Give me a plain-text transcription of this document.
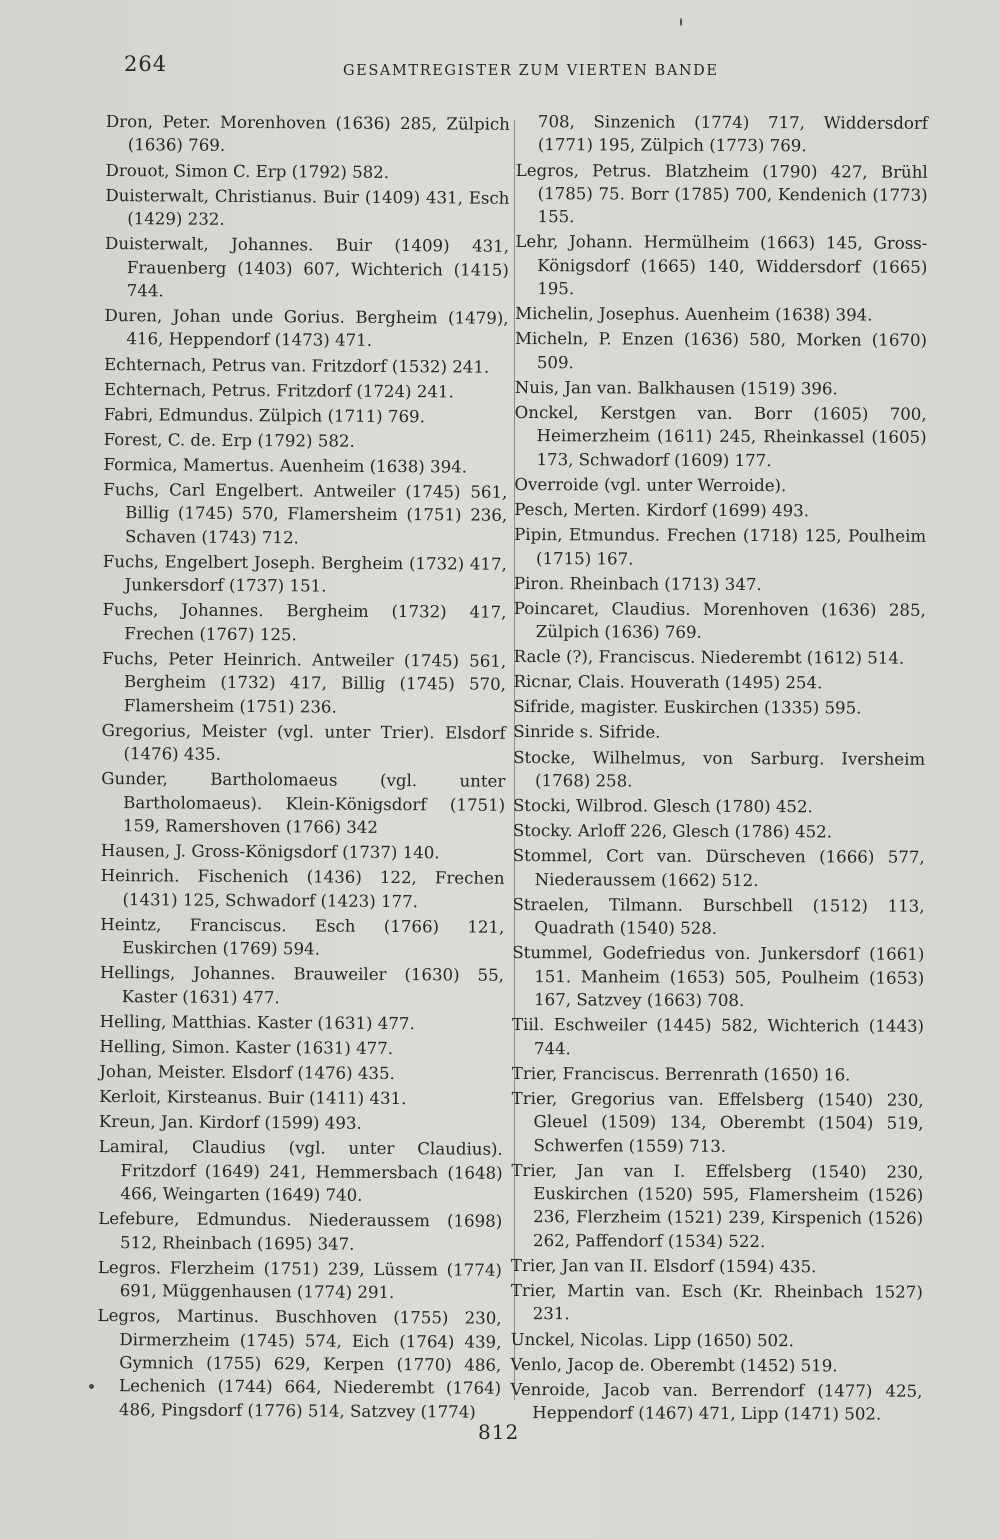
264	GESAMTREGISTER ZUM VIERTEN BANDE

Dron, Peter. Morenhoven (1636) 285, Zülpich (1636) 769.

Drouot, Simon C. Erp (1792) 582.

Duisterwalt, Christianus. Buir (1409) 431, Esch (1429) 232.

Duisterwalt, Johannes. Buir (1409) 431, Frauenberg (1403) 607, Wichterich (1415) 744.

Duren, Johan unde Gorius. Bergheim (1479), 416, Heppendorf (1473) 471.

Echternach, Petrus van. Fritzdorf (1532) 241.

Echternach, Petrus. Fritzdorf (1724) 241.

Fabri, Edmundus. Zülpich (1711) 769.

Forest, C. de. Erp (1792) 582.

Formica, Mamertus. Auenheim (1638) 394.

Fuchs, Carl Engelbert. Antweiler (1745) 561, Billig (1745) 570, Flamersheim (1751) 236, Schaven (1743) 712.

Fuchs, Engelbert Joseph. Bergheim (1732) 417, Junkersdorf (1737) 151.

Fuchs, Johannes. Bergheim (1732) 417, Frechen (1767) 125.

Fuchs, Peter Heinrich. Antweiler (1745) 561, Bergheim (1732) 417, Billig (1745) 570, Flamersheim (1751) 236.

Gregorius, Meister (vgl. unter Trier). Elsdorf (1476) 435.

Gunder, Bartholomaeus (vgl. unter Bartholomaeus). Klein-Königsdorf (1751) 159, Ramershoven (1766) 342

Hausen, J. Gross-Königsdorf (1737) 140.

Heinrich. Fischenich (1436) 122, Frechen (1431) 125, Schwadorf (1423) 177.

Heintz, Franciscus. Esch (1766) 121, Euskirchen (1769) 594.

Hellings, Johannes. Brauweiler (1630) 55, Kaster (1631) 477.

Helling, Matthias. Kaster (1631) 477.

Helling, Simon. Kaster (1631) 477.

Johan, Meister. Elsdorf (1476) 435.

Kerloit, Kirsteanus. Buir (1411) 431.

Kreun, Jan. Kirdorf (1599) 493.

Lamiral, Claudius (vgl. unter Claudius). Fritzdorf (1649) 241, Hemmersbach (1648) 466, Weingarten (1649) 740.

Lefebure, Edmundus. Niederaussem (1698) 512, Rheinbach (1695) 347.

Legros. Flerzheim (1751) 239, Lüssem (1774) 691, Müggenhausen (1774) 291.

Legros, Martinus. Buschhoven (1755) 230, Dirmerzheim (1745) 574, Eich (1764) 439, Gymnich (1755) 629, Kerpen (1770) 486, Lechenich (1744) 664, Niederembt (1764) 486, Pingsdorf (1776) 514, Satzvey (1774)

708, Sinzenich (1774) 717, Widdersdorf (1771) 195, Zülpich (1773) 769.

Legros, Petrus. Blatzheim (1790) 427, Brühl (1785) 75. Borr (1785) 700, Kendenich (1773) 155.

Lehr, Johann. Hermülheim (1663) 145, Gross-Königsdorf (1665) 140, Widdersdorf (1665) 195.

Michelin, Josephus. Auenheim (1638) 394.

Micheln, P. Enzen (1636) 580, Morken (1670) 509.

Nuis, Jan van. Balkhausen (1519) 396.

Onckel, Kerstgen van. Borr (1605) 700, Heimerzheim (1611) 245, Rheinkassel (1605) 173, Schwadorf (1609) 177.

Overroide (vgl. unter Werroide).

Pesch, Merten. Kirdorf (1699) 493.

Pipin, Etmundus. Frechen (1718) 125, Poulheim (1715) 167.

Piron. Rheinbach (1713) 347.

Poincaret, Claudius. Morenhoven (1636) 285, Zülpich (1636) 769.

Racle (?), Franciscus. Niederembt (1612) 514.

Ricnar, Clais. Houverath (1495) 254.

Sifride, magister. Euskirchen (1335) 595.

Sinride s. Sifride.

Stocke, Wilhelmus, von Sarburg. Iversheim (1768) 258.

Stocki, Wilbrod. Glesch (1780) 452.

Stocky. Arloff 226, Glesch (1786) 452.

Stommel, Cort van. Dürscheven (1666) 577, Niederaussem (1662) 512.

Straelen, Tilmann. Burschbell (1512) 113, Quadrath (1540) 528.

Stummel, Godefriedus von. Junkersdorf (1661) 151. Manheim (1653) 505, Poulheim (1653) 167, Satzvey (1663) 708.

Tiil. Eschweiler (1445) 582, Wichterich (1443) 744.

Trier, Franciscus. Berrenrath (1650) 16.

Trier, Gregorius van. Effelsberg (1540) 230, Gleuel (1509) 134, Oberembt (1504) 519, Schwerfen (1559) 713.

Trier, Jan van I. Effelsberg (1540) 230, Euskirchen (1520) 595, Flamersheim (1526) 236, Flerzheim (1521) 239, Kirspenich (1526) 262, Paffendorf (1534) 522.

Trier, Jan van II. Elsdorf (1594) 435.

Trier, Martin van. Esch (Kr. Rheinbach 1527) 231.

Unckel, Nicolas. Lipp (1650) 502.

Venlo, Jacop de. Oberembt (1452) 519.

Venroide, Jacob van. Berrendorf (1477) 425, Heppendorf (1467) 471, Lipp (1471) 502.

812
